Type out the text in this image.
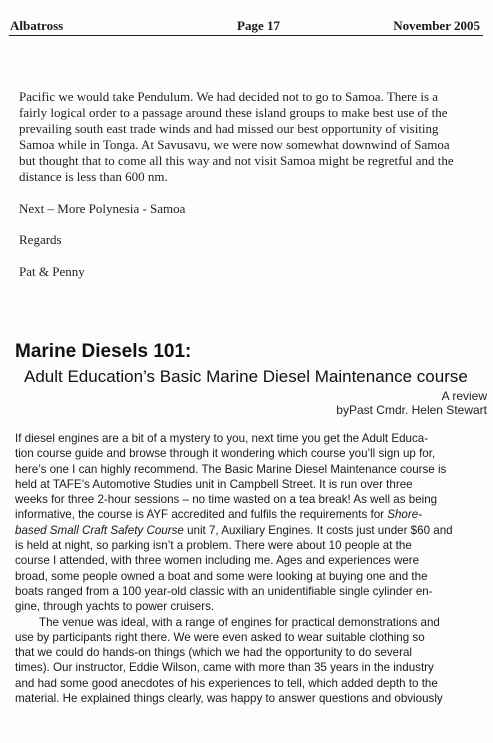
Albatross	Page 17	November 2005
Pacific we would take Pendulum. We had decided not to go to Samoa. There is a
fairly logical order to a passage around these island groups to make best use of the
prevailing south east trade winds and had missed our best opportunity of visiting
Samoa while in Tonga. At Savusavu, we were now somewhat downwind of Samoa
but thought that to come all this way and not visit Samoa might be regretful and the
distance is less than 600 nm.
Next – More Polynesia - Samoa
Regards
Pat & Penny
Marine Diesels 101:
Adult Education’s Basic Marine Diesel Maintenance course
A review
byPast Cmdr. Helen Stewart
If diesel engines are a bit of a mystery to you, next time you get the Adult Educa-
tion course guide and browse through it wondering which course you’ll sign up for,
here’s one I can highly recommend. The Basic Marine Diesel Maintenance course is
held at TAFE’s Automotive Studies unit in Campbell Street. It is run over three
weeks for three 2-hour sessions – no time wasted on a tea break! As well as being
informative, the course is AYF accredited and fulfils the requirements for Shore-
based Small Craft Safety Course unit 7, Auxiliary Engines. It costs just under $60 and
is held at night, so parking isn’t a problem. There were about 10 people at the
course I attended, with three women including me. Ages and experiences were
broad, some people owned a boat and some were looking at buying one and the
boats ranged from a 100 year-old classic with an unidentifiable single cylinder en-
gine, through yachts to power cruisers.
The venue was ideal, with a range of engines for practical demonstrations and
use by participants right there. We were even asked to wear suitable clothing so
that we could do hands-on things (which we had the opportunity to do several
times). Our instructor, Eddie Wilson, came with more than 35 years in the industry
and had some good anecdotes of his experiences to tell, which added depth to the
material. He explained things clearly, was happy to answer questions and obviously
